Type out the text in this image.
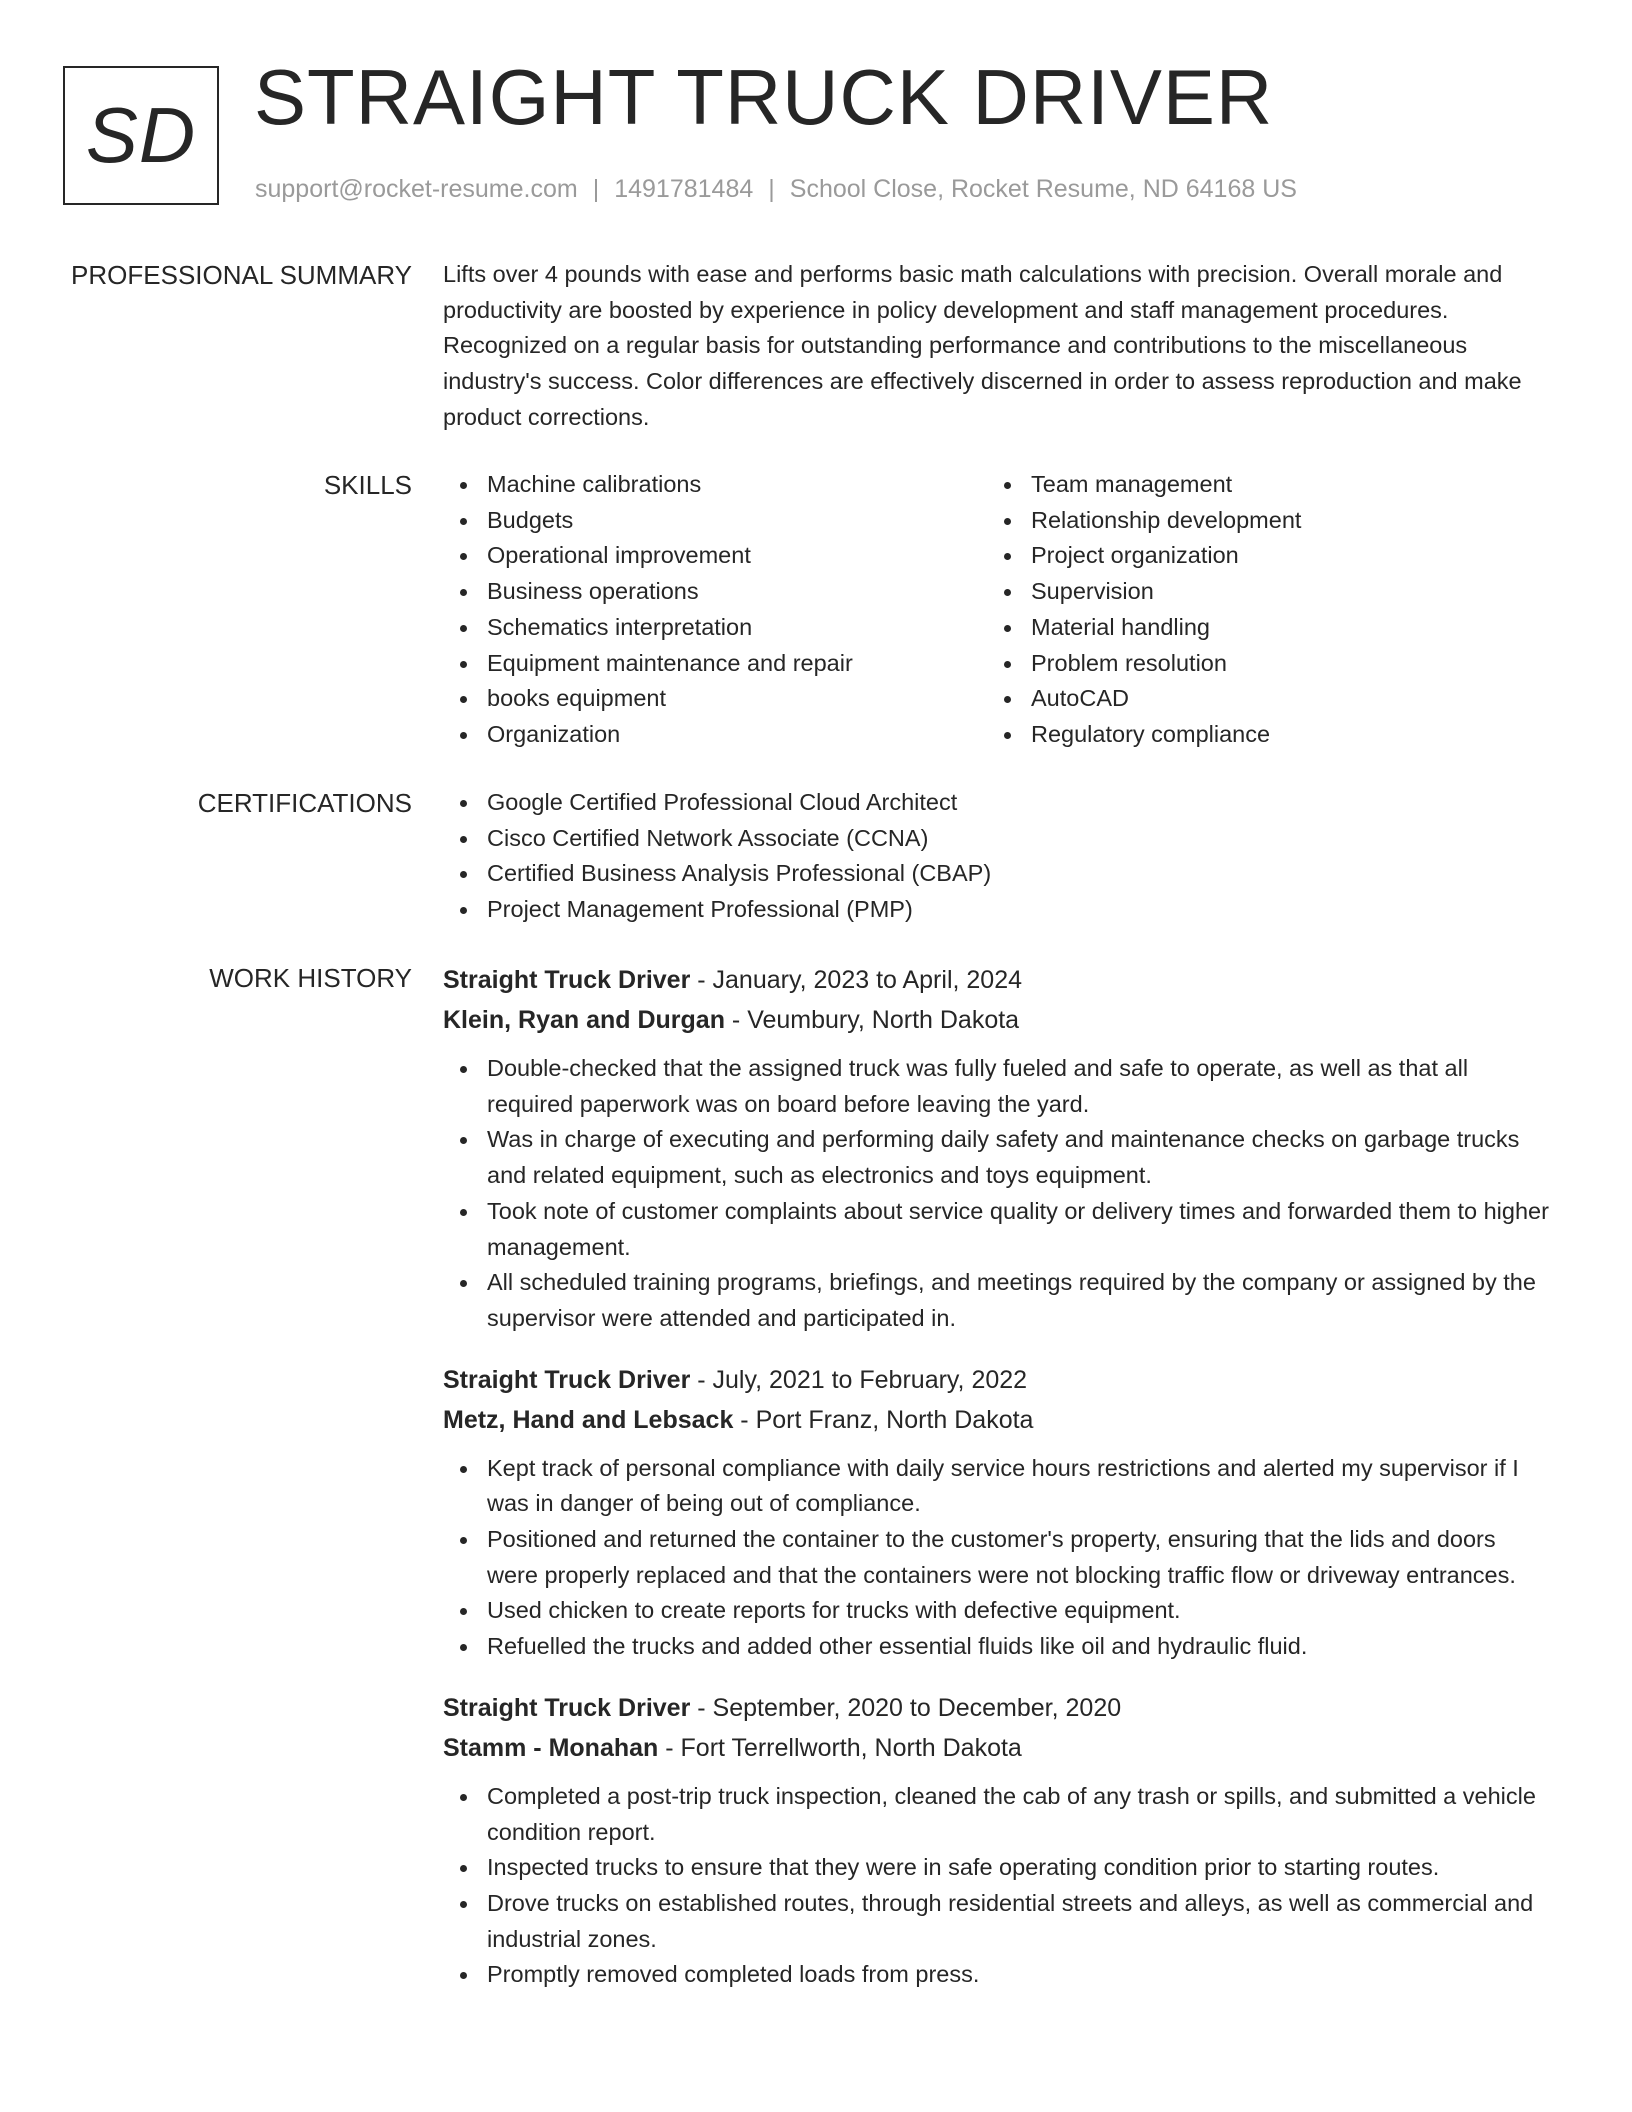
SD STRAIGHT TRUCK DRIVER
support@rocket-resume.com | 1491781484 | School Close, Rocket Resume, ND 64168 US
PROFESSIONAL SUMMARY Lifts over 4 pounds with ease and performs basic math calculations with precision. Overall morale and productivity are boosted by experience in policy development and staff management procedures. Recognized on a regular basis for outstanding performance and contributions to the miscellaneous industry's success. Color differences are effectively discerned in order to assess reproduction and make product corrections.

SKILLS	Machine calibrations
Budgets
Operational improvement
Business operations
Schematics interpretation
Equipment maintenance and repair
books equipment
Organization
Team management
Relationship development
Project organization
Supervision
Material handling
Problem resolution
AutoCAD
Regulatory compliance
CERTIFICATIONS	Google Certified Professional Cloud Architect
Cisco Certified Network Associate (CCNA)
Certified Business Analysis Professional (CBAP)
Project Management Professional (PMP)
WORK HISTORY Straight Truck Driver - January, 2023 to April, 2024
Klein, Ryan and Durgan - Veumbury, North Dakota
Double-checked that the assigned truck was fully fueled and safe to operate, as well as that all required paperwork was on board before leaving the yard.
Was in charge of executing and performing daily safety and maintenance checks on garbage trucks and related equipment, such as electronics and toys equipment.
Took note of customer complaints about service quality or delivery times and forwarded them to higher management.
All scheduled training programs, briefings, and meetings required by the company or assigned by the supervisor were attended and participated in.
Straight Truck Driver - July, 2021 to February, 2022
Metz, Hand and Lebsack - Port Franz, North Dakota
Kept track of personal compliance with daily service hours restrictions and alerted my supervisor if I was in danger of being out of compliance.
Positioned and returned the container to the customer's property, ensuring that the lids and doors were properly replaced and that the containers were not blocking traffic flow or driveway entrances.
Used chicken to create reports for trucks with defective equipment.
Refuelled the trucks and added other essential fluids like oil and hydraulic fluid.
Straight Truck Driver - September, 2020 to December, 2020
Stamm - Monahan - Fort Terrellworth, North Dakota
Completed a post-trip truck inspection, cleaned the cab of any trash or spills, and submitted a vehicle condition report.
Inspected trucks to ensure that they were in safe operating condition prior to starting routes.
Drove trucks on established routes, through residential streets and alleys, as well as commercial and industrial zones.
Promptly removed completed loads from press.
